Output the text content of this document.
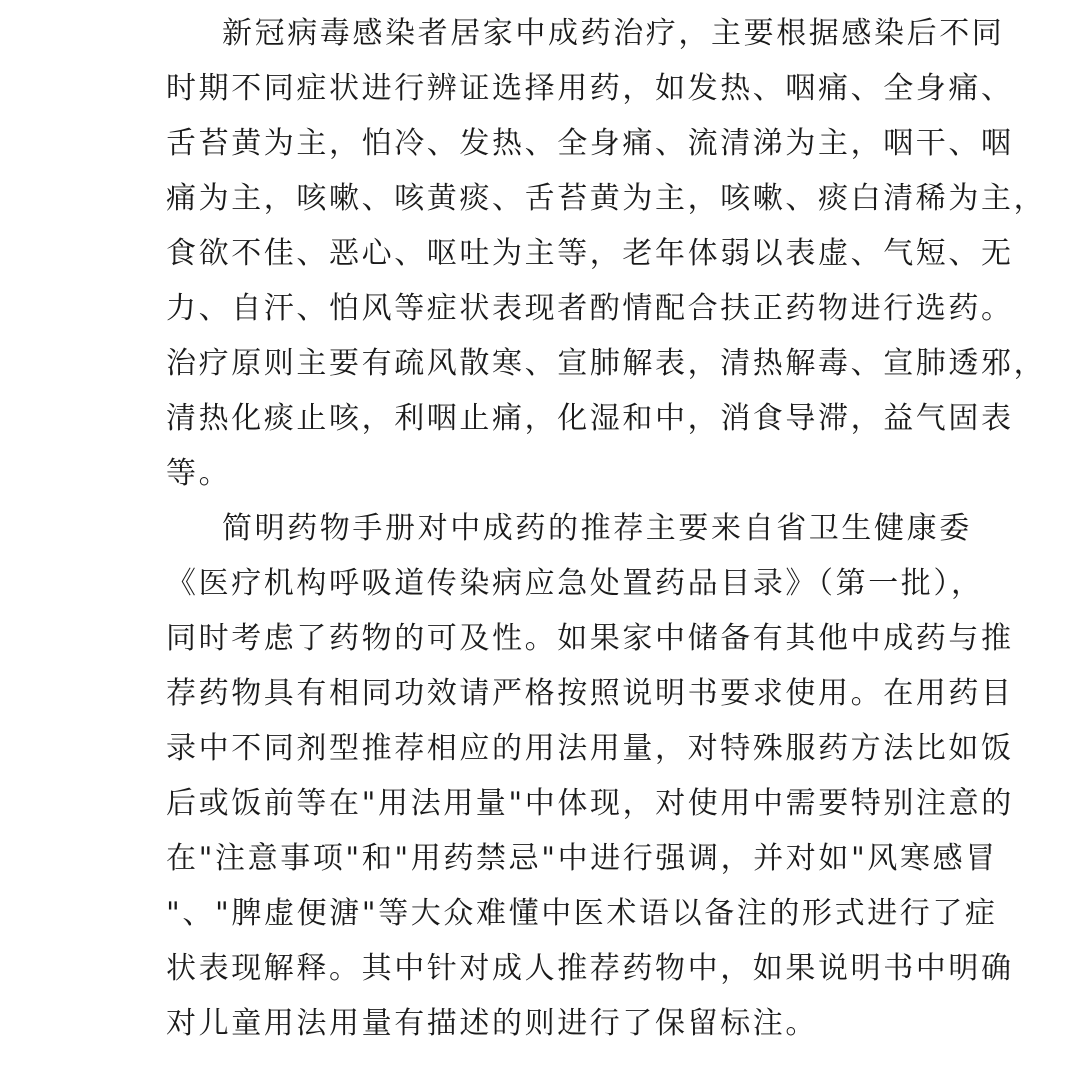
新冠病毒感染者居家中成药治疗，主要根据感染后不同
时期不同症状进行辨证选择用药，如发热、咽痛、全身痛、
舌苔黄为主，怕冷、发热、全身痛、流清涕为主，咽干、咽
痛为主，咳嗽、咳黄痰、舌苔黄为主，咳嗽、痰白清稀为主，
食欲不佳、恶心、呕吐为主等，老年体弱以表虚、气短、无
力、自汗、怕风等症状表现者酌情配合扶正药物进行选药。
治疗原则主要有疏风散寒、宣肺解表，清热解毒、宣肺透邪，
清热化痰止咳，利咽止痛，化湿和中，消食导滞，益气固表
等。
简明药物手册对中成药的推荐主要来自省卫生健康委
《医疗机构呼吸道传染病应急处置药品目录》（第一批），
同时考虑了药物的可及性。如果家中储备有其他中成药与推
荐药物具有相同功效请严格按照说明书要求使用。在用药目
录中不同剂型推荐相应的用法用量，对特殊服药方法比如饭
后或饭前等在"用法用量"中体现，对使用中需要特别注意的
在"注意事项"和"用药禁忌"中进行强调，并对如"风寒感冒
"、"脾虚便溏"等大众难懂中医术语以备注的形式进行了症
状表现解释。其中针对成人推荐药物中，如果说明书中明确
对儿童用法用量有描述的则进行了保留标注。
